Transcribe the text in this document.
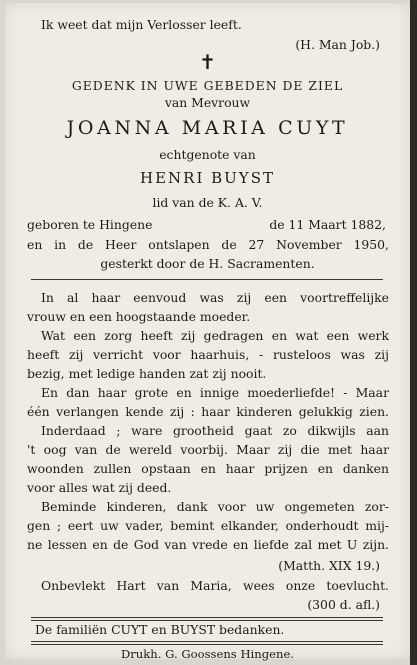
Ik weet dat mijn Verlosser leeft.
(H. Man Job.)
✝
GEDENK IN UWE GEBEDEN DE ZIEL
van Mevrouw
JOANNA MARIA CUYT
echtgenote van
HENRI BUYST
lid van de K. A. V.
geboren te Hingene	de 11 Maart 1882,
en in de Heer ontslapen de 27 November 1950,
gesterkt door de H. Sacramenten.
In al haar eenvoud was zij een voortreffelijke
vrouw en een hoogstaande moeder.
Wat een zorg heeft zij gedragen en wat een werk
heeft zij verricht voor haarhuis, - rusteloos was zij
bezig, met ledige handen zat zij nooit.
En dan haar grote en innige moederliefde! - Maar
één verlangen kende zij : haar kinderen gelukkig zien.
Inderdaad ; ware grootheid gaat zo dikwijls aan
't oog van de wereld voorbij. Maar zij die met haar
woonden zullen opstaan en haar prijzen en danken
voor alles wat zij deed.
Beminde kinderen, dank voor uw ongemeten zor-
gen ; eert uw vader, bemint elkander, onderhoudt mij-
ne lessen en de God van vrede en liefde zal met U zijn.
(Matth. XIX 19.)
Onbevlekt Hart van Maria, wees onze toevlucht.
(300 d. afl.)
De familiën CUYT en BUYST bedanken.
Drukh. G. Goossens Hingene.
